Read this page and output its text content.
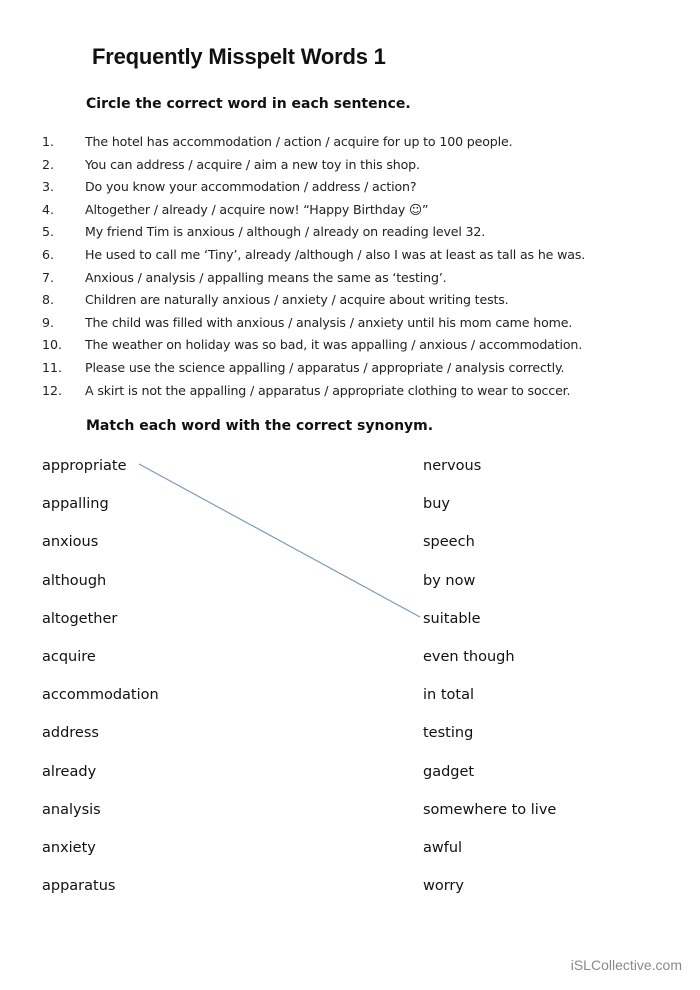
Frequently Misspelt Words 1
Circle the correct word in each sentence.
1. The hotel has accommodation / action / acquire for up to 100 people.
2. You can address / acquire / aim a new toy in this shop.
3. Do you know your accommodation / address / action?
4. Altogether / already / acquire now! “Happy Birthday ☺”
5. My friend Tim is anxious / although / already on reading level 32.
6. He used to call me ‘Tiny’, already /although / also I was at least as tall as he was.
7. Anxious / analysis / appalling means the same as ‘testing’.
8. Children are naturally anxious / anxiety / acquire about writing tests.
9. The child was filled with anxious / analysis / anxiety until his mom came home.
10. The weather on holiday was so bad, it was appalling / anxious / accommodation.
11. Please use the science appalling / apparatus / appropriate / analysis correctly.
12. A skirt is not the appalling / apparatus / appropriate clothing to wear to soccer.
Match each word with the correct synonym.
appropriate
appalling
anxious
although
altogether
acquire
accommodation
address
already
analysis
anxiety
apparatus
nervous
buy
speech
by now
suitable
even though
in total
testing
gadget
somewhere to live
awful
worry
iSLCollective.com
